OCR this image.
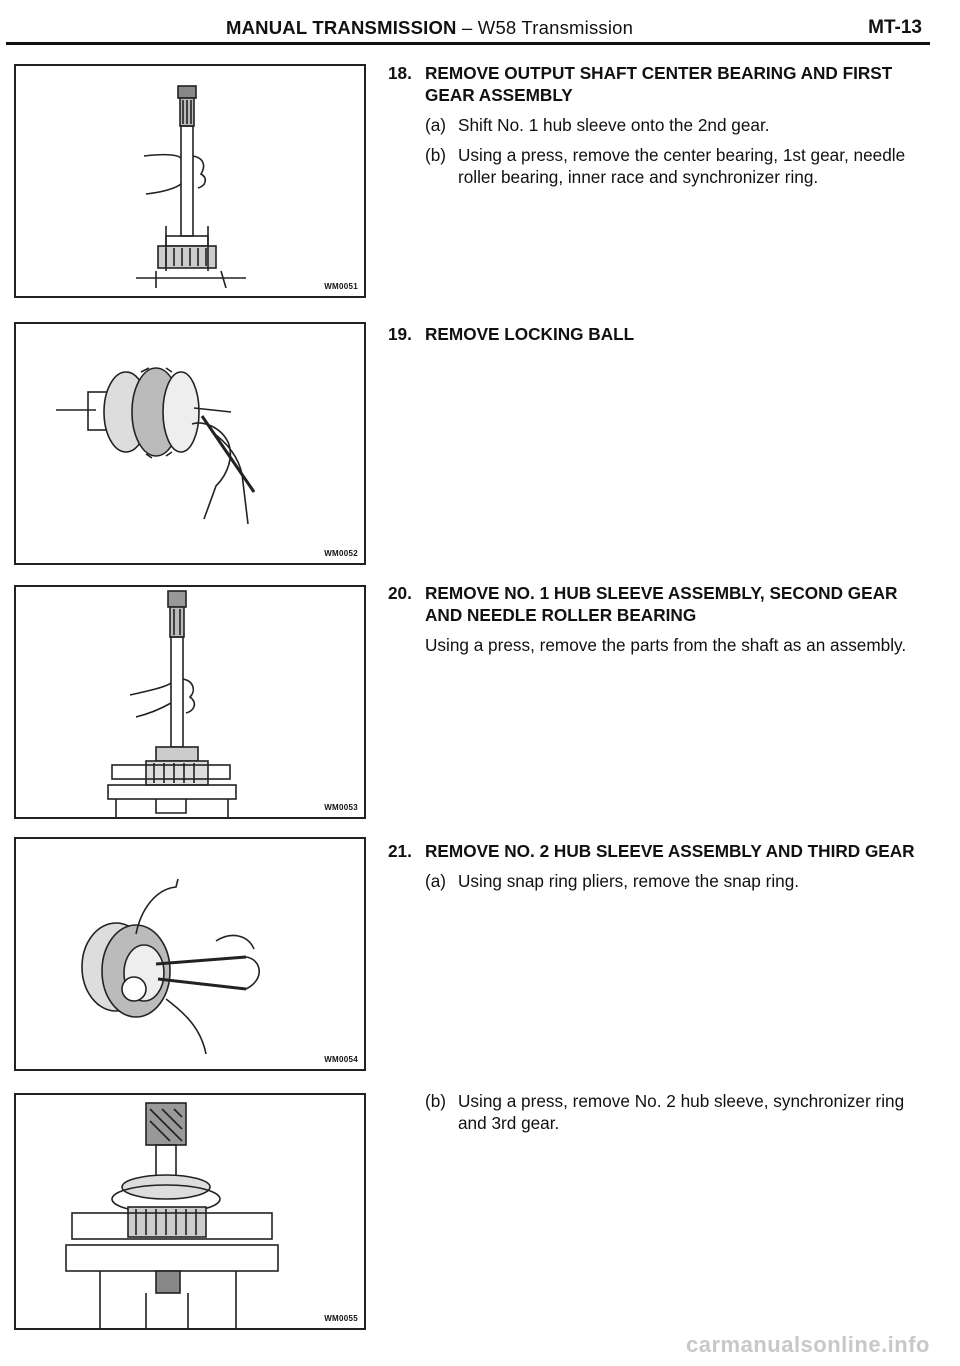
MANUAL TRANSMISSION – W58 Transmission	MT-13
WM0051
WM0052
WM0053
WM0054
WM0055
18. REMOVE OUTPUT SHAFT CENTER BEARING AND FIRST GEAR ASSEMBLY
(a) Shift No. 1 hub sleeve onto the 2nd gear.
(b) Using a press, remove the center bearing, 1st gear, needle roller bearing, inner race and synchronizer ring.
19. REMOVE LOCKING BALL
20. REMOVE NO. 1 HUB SLEEVE ASSEMBLY, SECOND GEAR AND NEEDLE ROLLER BEARING
Using a press, remove the parts from the shaft as an assembly.
21. REMOVE NO. 2 HUB SLEEVE ASSEMBLY AND THIRD GEAR
(a) Using snap ring pliers, remove the snap ring.
(b) Using a press, remove No. 2 hub sleeve, synchronizer ring and 3rd gear.
carmanualsonline.info
